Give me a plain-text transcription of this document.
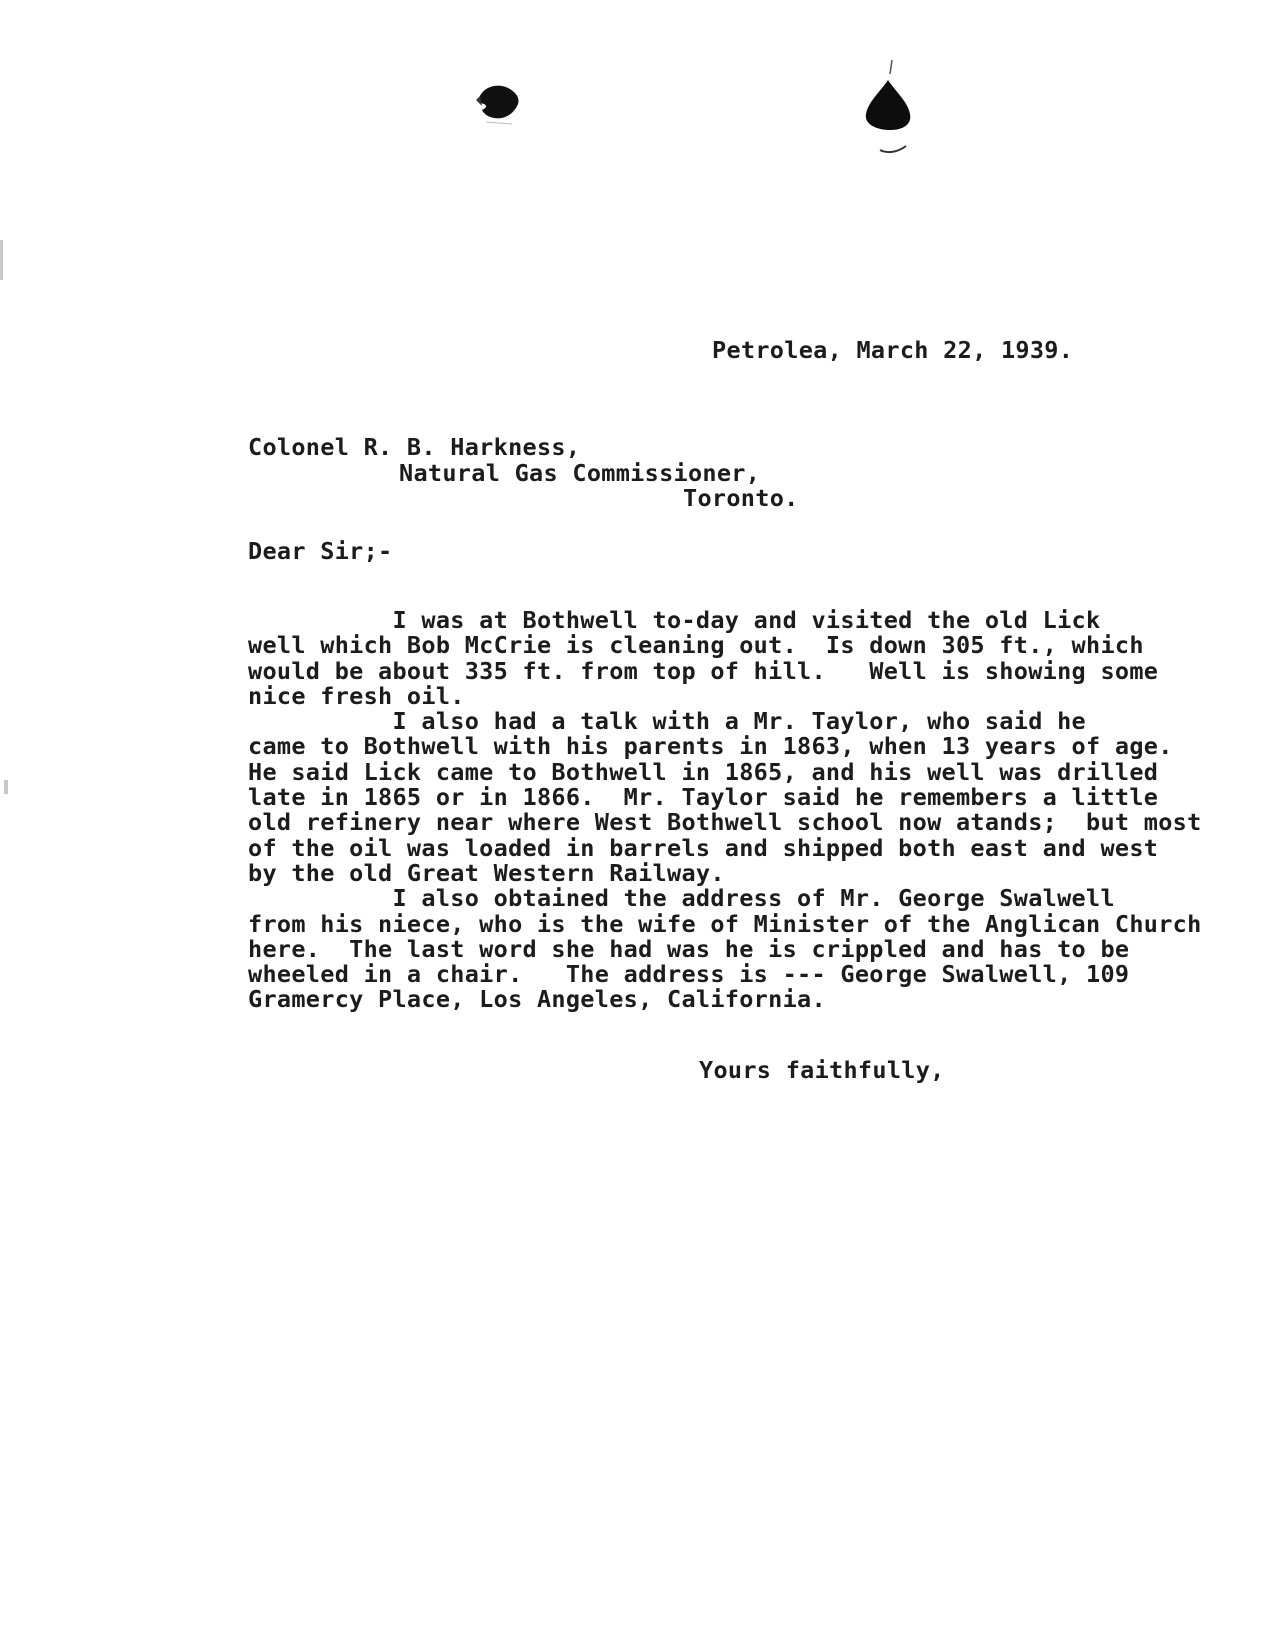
Petrolea, March 22, 1939.
Colonel R. B. Harkness,
Natural Gas Commissioner,
Toronto.
Dear Sir;-
I was at Bothwell to-day and visited the old Lick
well which Bob McCrie is cleaning out.  Is down 305 ft., which
would be about 335 ft. from top of hill.   Well is showing some
nice fresh oil.
I also had a talk with a Mr. Taylor, who said he
came to Bothwell with his parents in 1863, when 13 years of age.
He said Lick came to Bothwell in 1865, and his well was drilled
late in 1865 or in 1866.  Mr. Taylor said he remembers a little
old refinery near where West Bothwell school now atands;  but most
of the oil was loaded in barrels and shipped both east and west
by the old Great Western Railway.
I also obtained the address of Mr. George Swalwell
from his niece, who is the wife of Minister of the Anglican Church
here.  The last word she had was he is crippled and has to be
wheeled in a chair.   The address is --- George Swalwell, 109
Gramercy Place, Los Angeles, California.
Yours faithfully,
